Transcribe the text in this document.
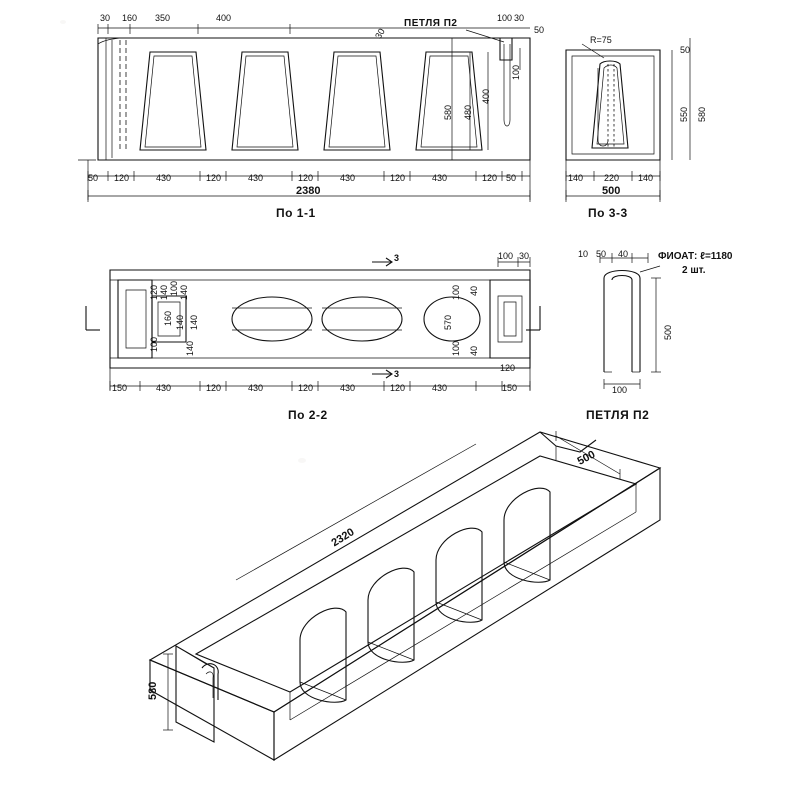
30 160 350	400
30
100 30
50
ПЕТЛЯ П2
100
580 480
400
50 120	430	120	430	120	430	120	430	120 50
2380
По 1-1
R=75
50
550 580
140 220 140
500
По 3-3
3
3
120 140 100 140
160 140 140
100	140
100 40
570
100 40
120
100 30
150	430	120	430	120	430	120	430	150
По 2-2
10 50 40	ФИОАТ: ℓ=1180
2 шт.
500
100
ПЕТЛЯ П2
2320
500
580
